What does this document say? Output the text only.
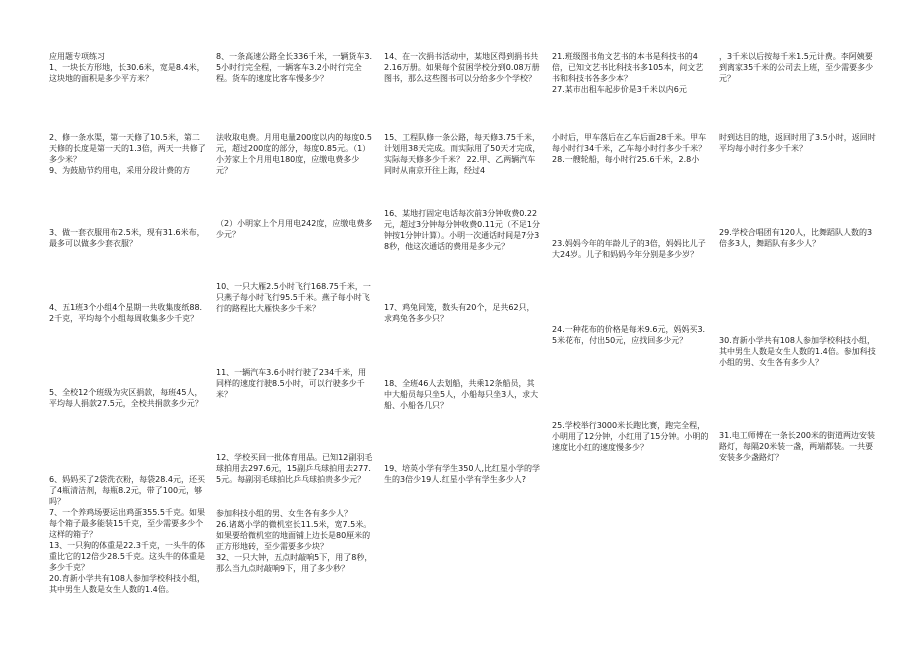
应用题专项练习
1、一块长方形地，长30.6米，宽是8.4米，这块地的面积是多少平方米？

2、修一条水渠，第一天修了10.5米，第二天修的长度是第一天的1.3倍，两天一共修了多少米？
9、为鼓励节约用电，采用分段计费的方

3、做一套衣服用布2.5米，现有31.6米布，最多可以做多少套衣服？

4、五1班3个小组4个星期一共收集废纸88.2千克，平均每个小组每周收集多少千克？

5、全校12个班级为灾区捐款，每班45人，平均每人捐款27.5元，全校共捐款多少元？

6、妈妈买了2袋洗衣粉，每袋28.4元，还买了4瓶清洁剂，每瓶8.2元，带了100元，够吗？
7、一个养鸡场要运出鸡蛋355.5千克。如果每个箱子最多能装15千克，至少需要多少个这样的箱子？
13、一只狗的体重是22.3千克，一头牛的体重比它的12倍少28.5千克。这头牛的体重是多少千克？
20.育新小学共有108人参加学校科技小组，其中男生人数是女生人数的1.4倍。

8、一条高速公路全长336千米，一辆货车3.5小时行完全程，一辆客车3.2小时行完全程。货车的速度比客车慢多少？

法收取电费。月用电量200度以内的每度0.5元，超过200度的部分，每度0.85元。（1）小芳家上个月用电180度，应缴电费多少元？

（2）小明家上个月用电242度，应缴电费多少元？

10、一只大雁2.5小时飞行168.75千米，一只燕子每小时飞行95.5千米。燕子每小时飞行的路程比大雁快多少千米？

11、一辆汽车3.6小时行驶了234千米，用同样的速度行驶8.5小时，可以行驶多少千米？

12、学校买回一批体育用品。已知12副羽毛球拍用去297.6元，15副乒乓球拍用去277.5元。每副羽毛球拍比乒乓球拍贵多少元？

参加科技小组的男、女生各有多少人？
26.诸葛小学的微机室长11.5米，宽7.5米。如果要给微机室的地面铺上边长是80厘米的正方形地砖，至少需要多少块？
32、一只大钟，五点时敲响5下，用了8秒，那么当九点时敲响9下，用了多少秒？

14、在一次捐书活动中，某地区得到捐书共2.16万册。如果每个贫困学校分到0.08万册图书，那么这些图书可以分给多少个学校？

15、工程队修一条公路，每天修3.75千米，计划用38天完成。而实际用了50天才完成，实际每天修多少千米？ 22.甲、乙两辆汽车同时从南京开往上海，经过4

16、某地打固定电话每次前3分钟收费0.22元，超过3分钟每分钟收费0.11元（不足1分钟按1分钟计算）。小明一次通话时间是7分38秒，他这次通话的费用是多少元？

17、鸡兔同笼，数头有20个，足共62只，求鸡兔各多少只？

18、全班46人去划船，共乘12条船员，其中大船员每只坐5人，小船每只坐3人，求大船、小船各几只？

19、培英小学有学生350人,比红星小学的学生的3倍少19人.红星小学有学生多少人?

21.班级图书角文艺书的本书是科技书的4倍，已知文艺书比科技书多105本，问文艺书和科技书各多少本？
27.某市出租车起步价是3千米以内6元

小时后，甲车落后在乙车后面28千米。甲车每小时行34千米，乙车每小时行多少千米？
28.一艘轮船，每小时行25.6千米，2.8小

23.妈妈今年的年龄儿子的3倍，妈妈比儿子大24岁。儿子和妈妈今年分别是多少岁？

24.一种花布的价格是每米9.6元，妈妈买3.5米花布，付出50元，应找回多少元？

25.学校举行3000米长跑比赛，跑完全程，小明用了12分钟，小红用了15分钟。小明的速度比小红的速度慢多少？

，3千米以后按每千米1.5元计费。李阿姨要到离家35千米的公司去上班，至少需要多少元？

时到达目的地，返回时用了3.5小时，返回时平均每小时行多少千米？

29.学校合唱团有120人，比舞蹈队人数的3倍多3人，舞蹈队有多少人？

30.育新小学共有108人参加学校科技小组，其中男生人数是女生人数的1.4倍。参加科技小组的男、女生各有多少人？

31.电工师傅在一条长200米的街道两边安装路灯，每隔20米装一盏，两端都装。一共要安装多少盏路灯？
